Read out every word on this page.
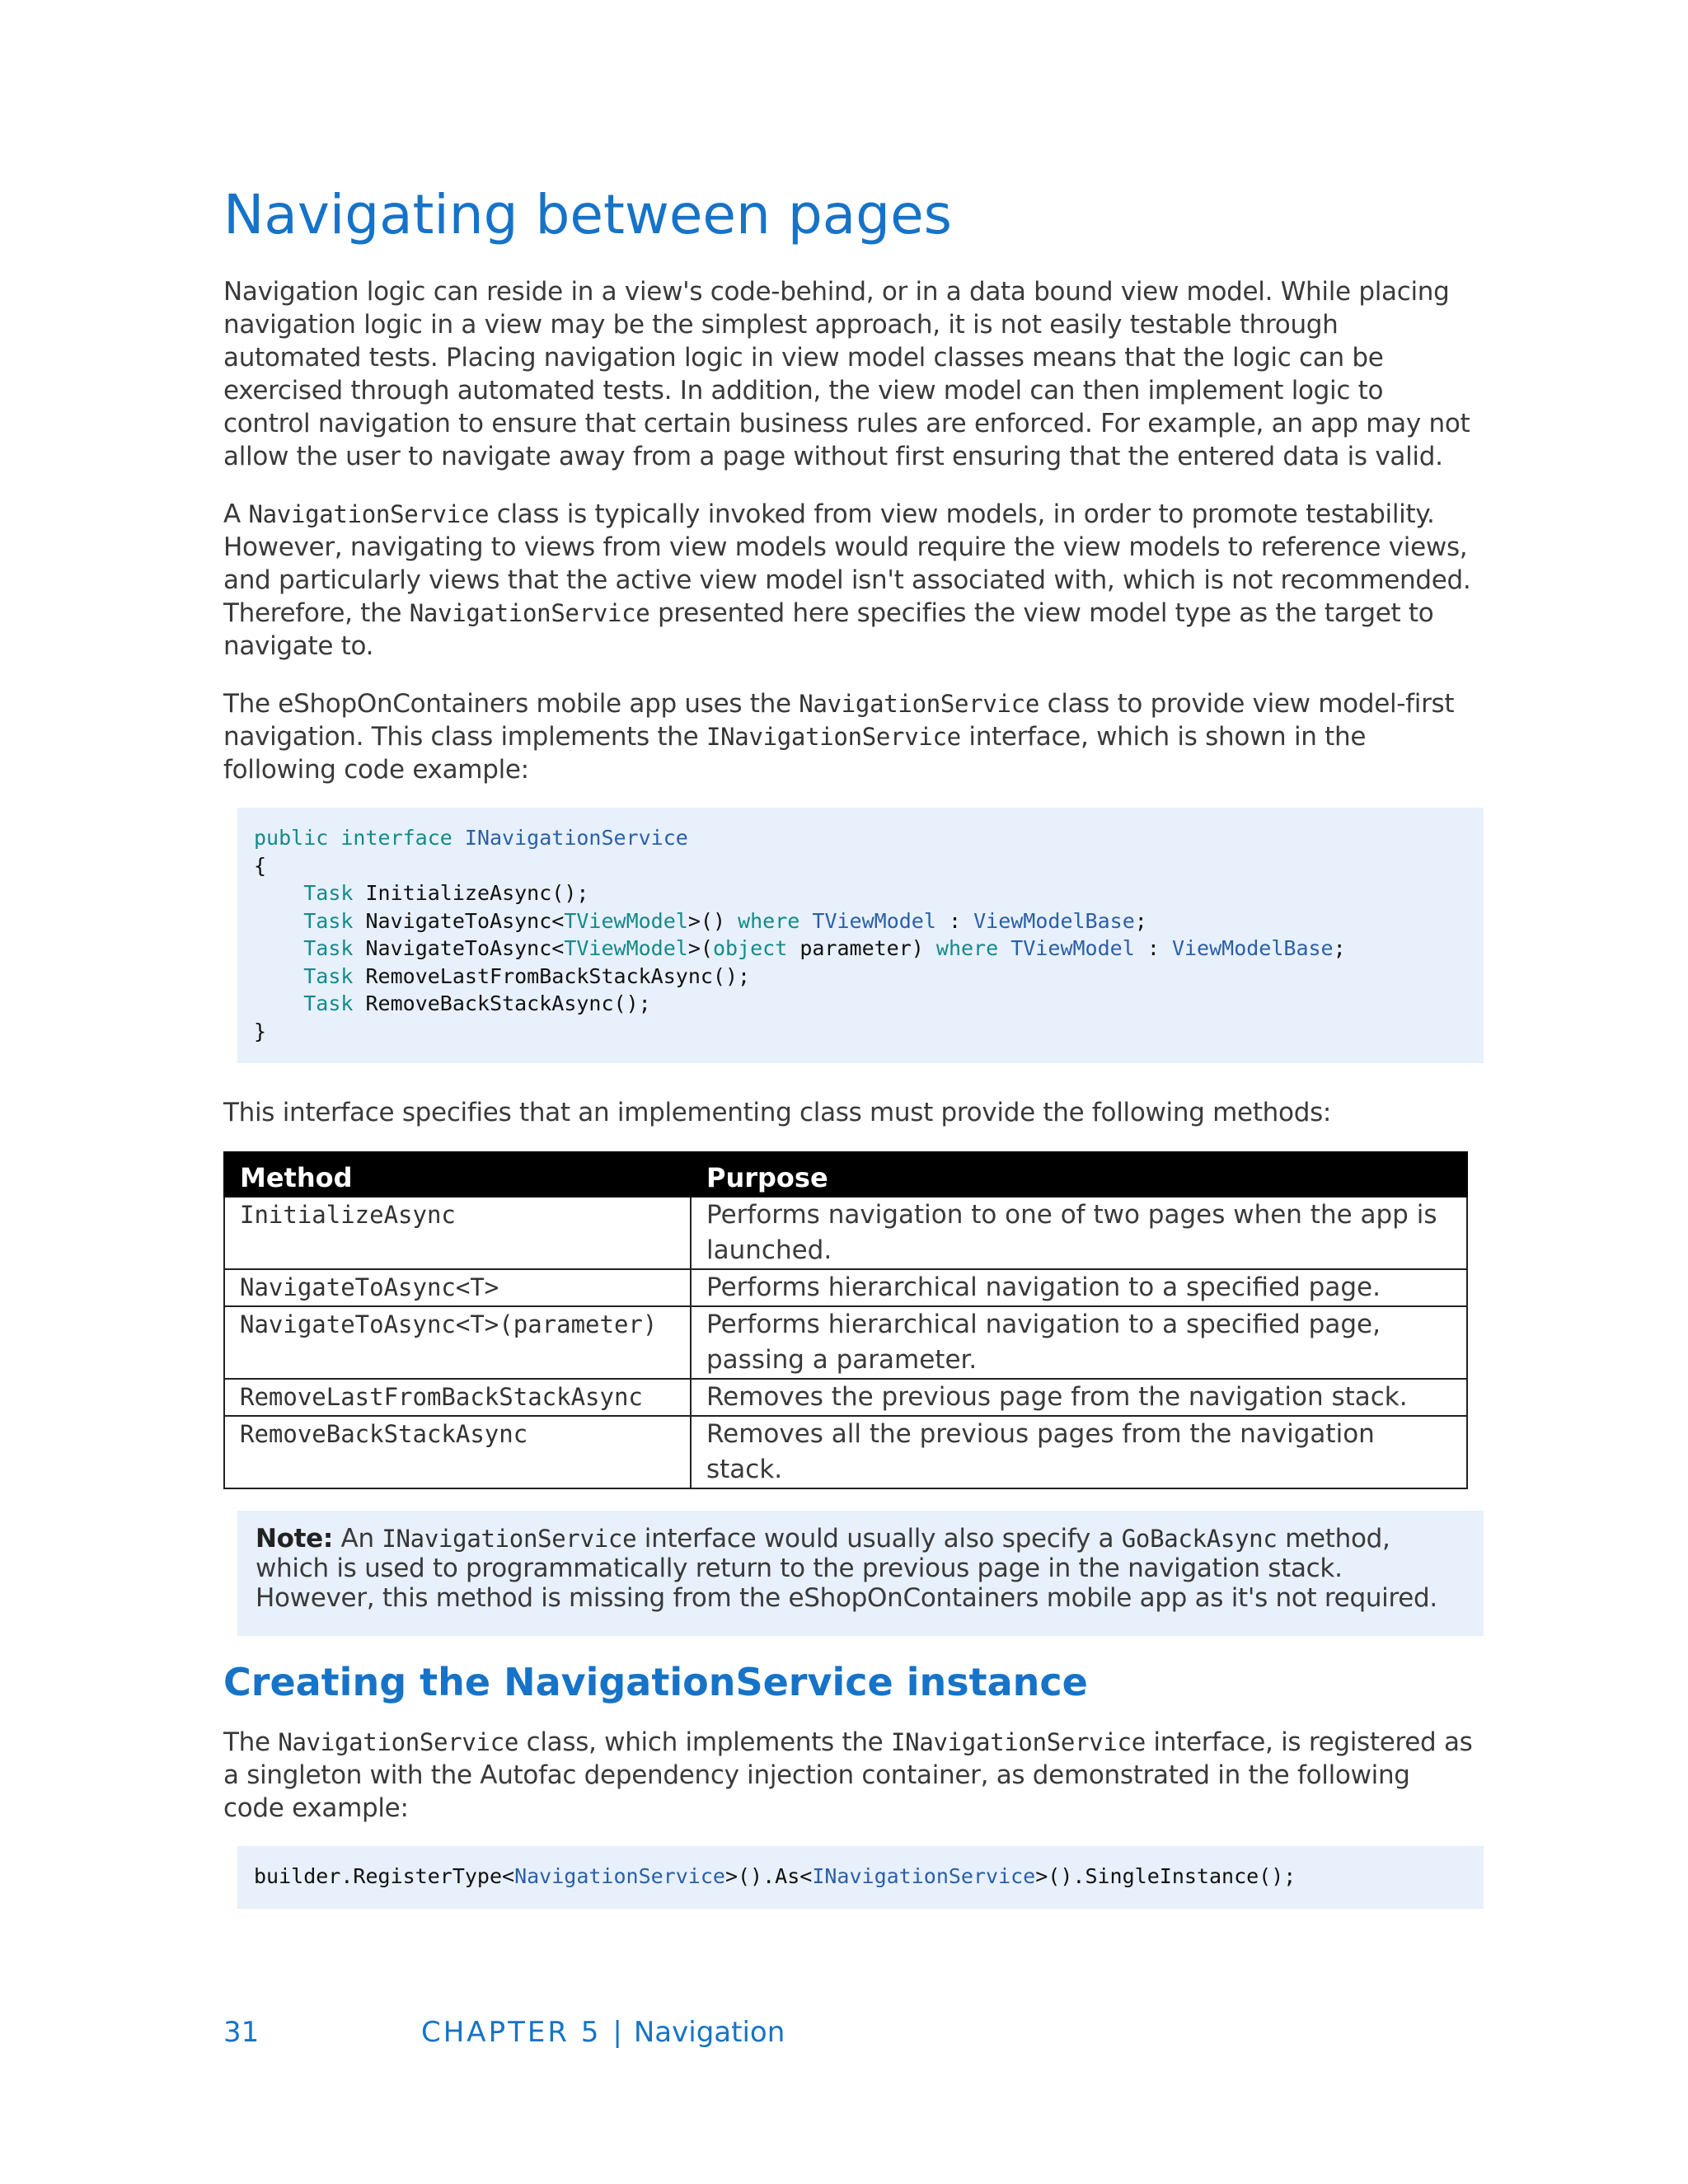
Navigating between pages

Navigation logic can reside in a view's code-behind, or in a data bound view model. While placing navigation logic in a view may be the simplest approach, it is not easily testable through automated tests. Placing navigation logic in view model classes means that the logic can be exercised through automated tests. In addition, the view model can then implement logic to control navigation to ensure that certain business rules are enforced. For example, an app may not allow the user to navigate away from a page without first ensuring that the entered data is valid.

A NavigationService class is typically invoked from view models, in order to promote testability. However, navigating to views from view models would require the view models to reference views, and particularly views that the active view model isn't associated with, which is not recommended. Therefore, the NavigationService presented here specifies the view model type as the target to navigate to.

The eShopOnContainers mobile app uses the NavigationService class to provide view model-first navigation. This class implements the INavigationService interface, which is shown in the following code example:

public interface INavigationService
{
Task InitializeAsync();
Task NavigateToAsync<TViewModel>() where TViewModel : ViewModelBase;
Task NavigateToAsync<TViewModel>(object parameter) where TViewModel : ViewModelBase;
Task RemoveLastFromBackStackAsync();
Task RemoveBackStackAsync();
}

This interface specifies that an implementing class must provide the following methods:

Method	Purpose
InitializeAsync	Performs navigation to one of two pages when the app is launched.
NavigateToAsync<T>	Performs hierarchical navigation to a specified page.
NavigateToAsync<T>(parameter)	Performs hierarchical navigation to a specified page, passing a parameter.
RemoveLastFromBackStackAsync	Removes the previous page from the navigation stack.
RemoveBackStackAsync	Removes all the previous pages from the navigation stack.
Note: An INavigationService interface would usually also specify a GoBackAsync method, which is used to programmatically return to the previous page in the navigation stack. However, this method is missing from the eShopOnContainers mobile app as it's not required.
Creating the NavigationService instance

The NavigationService class, which implements the INavigationService interface, is registered as a singleton with the Autofac dependency injection container, as demonstrated in the following code example:

builder.RegisterType<NavigationService>().As<INavigationService>().SingleInstance();

31	CHAPTER 5 | Navigation
